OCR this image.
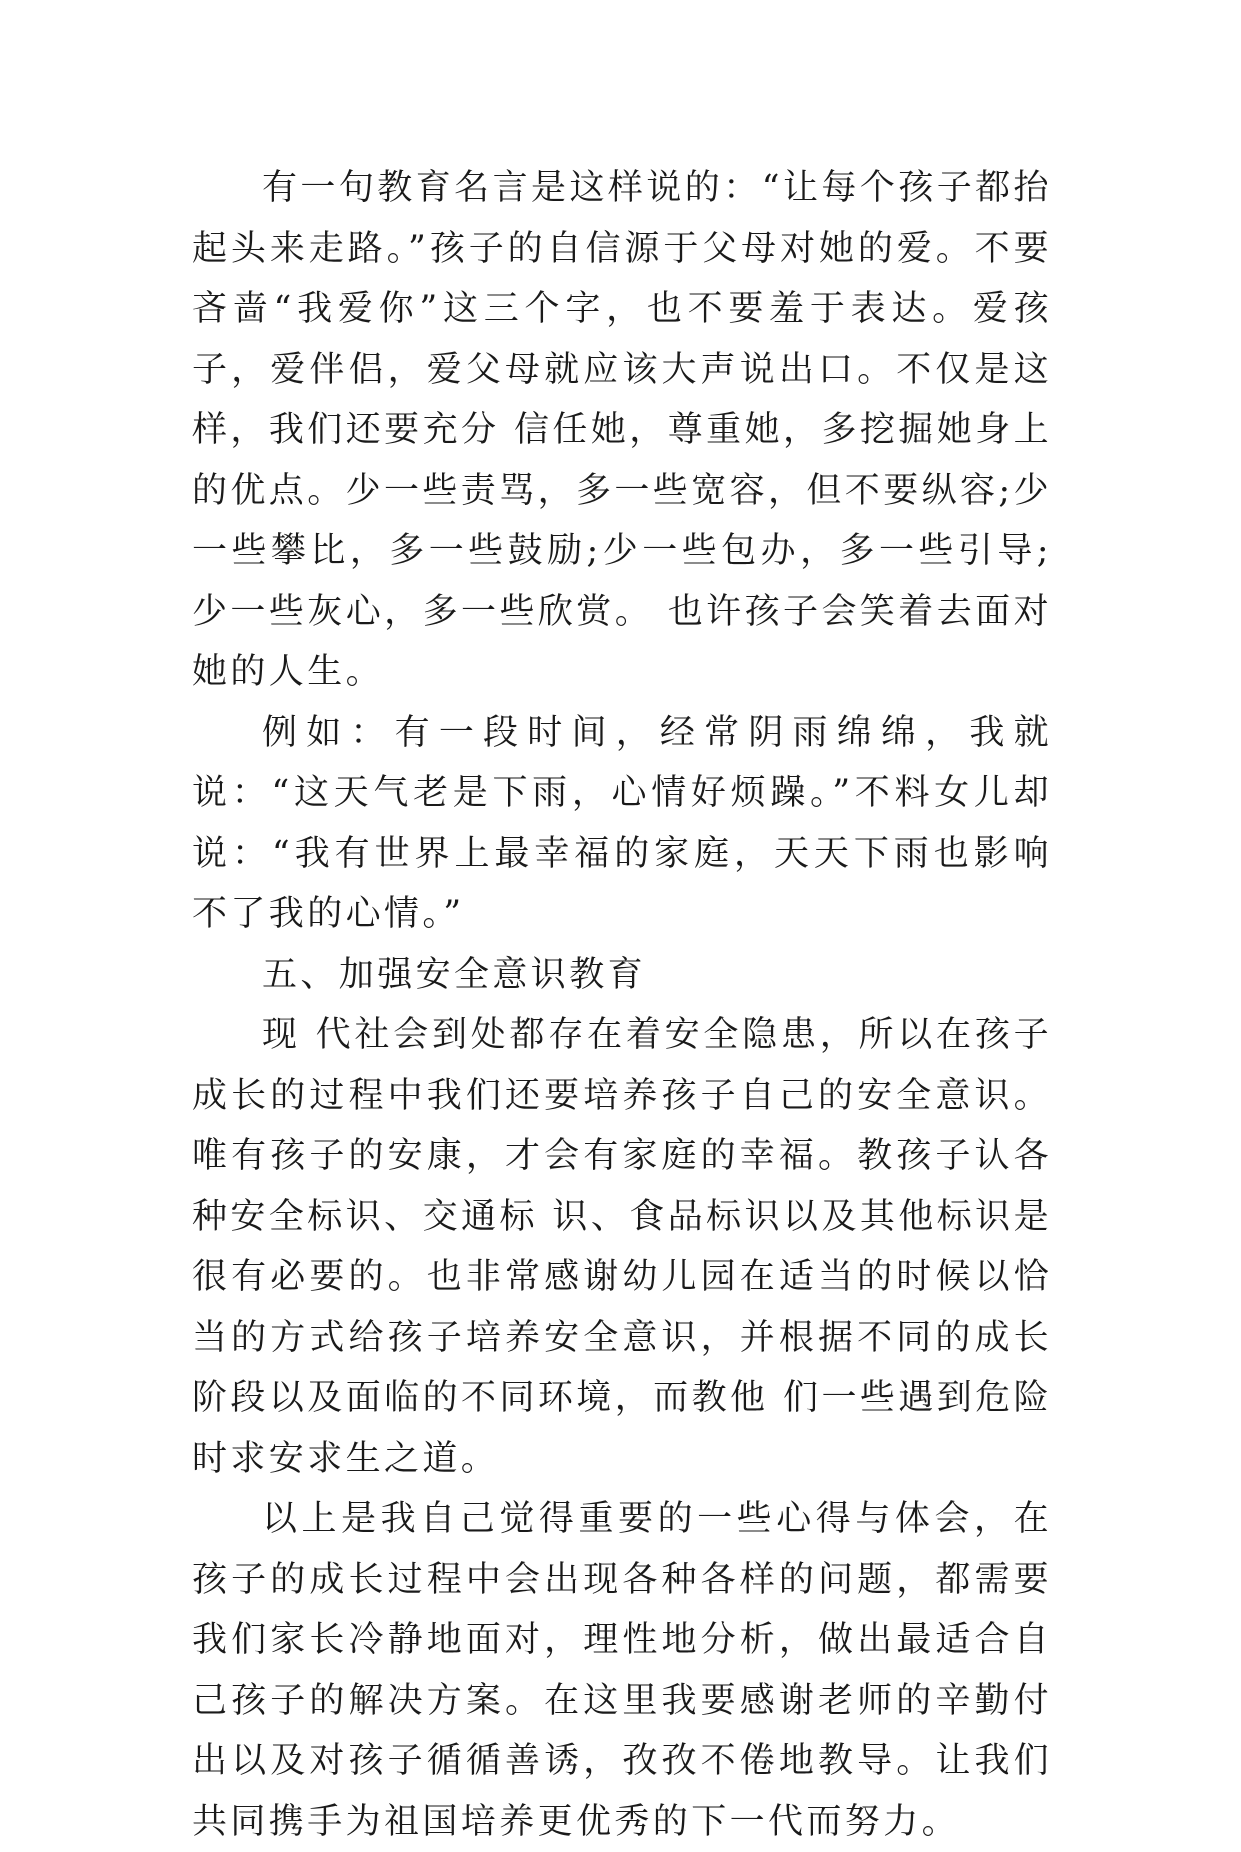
有一句教育名言是这样说的：“让每个孩子都抬起头来走路。”孩子的自信源于父母对她的爱。不要吝啬“我爱你”这三个字，也不要羞于表达。爱孩子，爱伴侣，爱父母就应该大声说出口。不仅是这样，我们还要充分 信任她，尊重她，多挖掘她身上的优点。少一些责骂，多一些宽容，但不要纵容;少一些攀比，多一些鼓励;少一些包办，多一些引导;少一些灰心，多一些欣赏。 也许孩子会笑着去面对她的人生。

例如：有一段时间，经常阴雨绵绵，我就说：“这天气老是下雨，心情好烦躁。”不料女儿却说：“我有世界上最幸福的家庭，天天下雨也影响不了我的心情。”

五、加强安全意识教育

现 代社会到处都存在着安全隐患，所以在孩子成长的过程中我们还要培养孩子自己的安全意识。唯有孩子的安康，才会有家庭的幸福。教孩子认各种安全标识、交通标 识、食品标识以及其他标识是很有必要的。也非常感谢幼儿园在适当的时候以恰当的方式给孩子培养安全意识，并根据不同的成长阶段以及面临的不同环境，而教他 们一些遇到危险时求安求生之道。

以上是我自己觉得重要的一些心得与体会，在孩子的成长过程中会出现各种各样的问题，都需要我们家长冷静地面对，理性地分析，做出最适合自己孩子的解决方案。在这里我要感谢老师的辛勤付出以及对孩子循循善诱，孜孜不倦地教导。让我们共同携手为祖国培养更优秀的下一代而努力。
